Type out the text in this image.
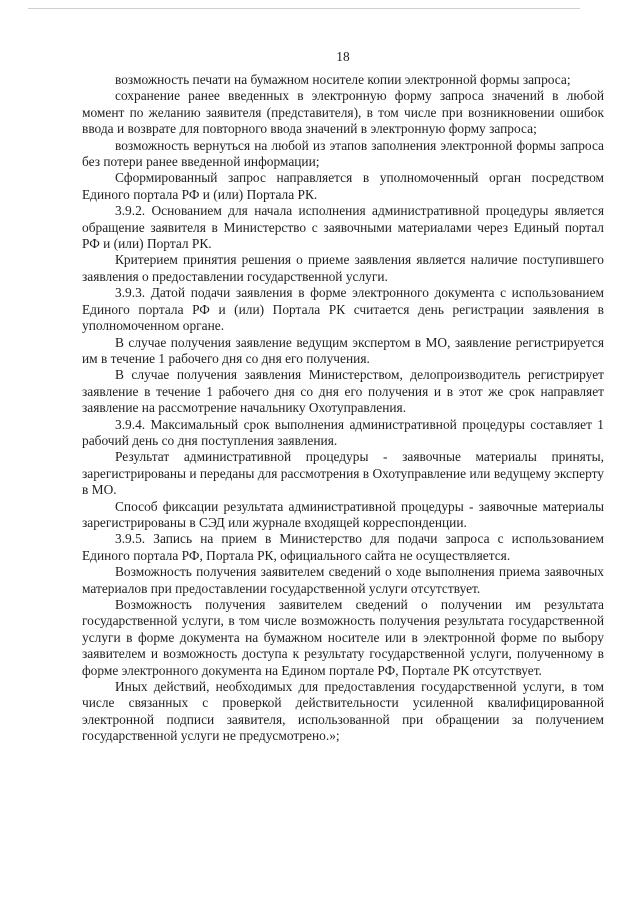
18

возможность печати на бумажном носителе копии электронной формы запроса;

сохранение ранее введенных в электронную форму запроса значений в любой момент по желанию заявителя (представителя), в том числе при возникновении ошибок ввода и возврате для повторного ввода значений в электронную форму запроса;

возможность вернуться на любой из этапов заполнения электронной формы запроса без потери ранее введенной информации;

Сформированный запрос направляется в уполномоченный орган посредством Единого портала РФ и (или) Портала РК.

3.9.2. Основанием для начала исполнения административной процедуры является обращение заявителя в Министерство с заявочными материалами через Единый портал РФ и (или) Портал РК.

Критерием принятия решения о приеме заявления является наличие поступившего заявления о предоставлении государственной услуги.

3.9.3. Датой подачи заявления в форме электронного документа с использованием Единого портала РФ и (или) Портала РК считается день регистрации заявления в уполномоченном органе.

В случае получения заявление ведущим экспертом в МО, заявление регистрируется им в течение 1 рабочего дня со дня его получения.

В случае получения заявления Министерством, делопроизводитель регистрирует заявление в течение 1 рабочего дня со дня его получения и в этот же срок направляет заявление на рассмотрение начальнику Охотуправления.

3.9.4. Максимальный срок выполнения административной процедуры составляет 1 рабочий день со дня поступления заявления.

Результат административной процедуры - заявочные материалы приняты, зарегистрированы и переданы для рассмотрения в Охотуправление или ведущему эксперту в МО.

Способ фиксации результата административной процедуры - заявочные материалы зарегистрированы в СЭД или журнале входящей корреспонденции.

3.9.5. Запись на прием в Министерство для подачи запроса с использованием Единого портала РФ, Портала РК, официального сайта не осуществляется.

Возможность получения заявителем сведений о ходе выполнения приема заявочных материалов при предоставлении государственной услуги отсутствует.

Возможность получения заявителем сведений о получении им результата государственной услуги, в том числе возможность получения результата государственной услуги в форме документа на бумажном носителе или в электронной форме по выбору заявителем и возможность доступа к результату государственной услуги, полученному в форме электронного документа на Едином портале РФ, Портале РК отсутствует.

Иных действий, необходимых для предоставления государственной услуги, в том числе связанных с проверкой действительности усиленной квалифицированной электронной подписи заявителя, использованной при обращении за получением государственной услуги не предусмотрено.»;
